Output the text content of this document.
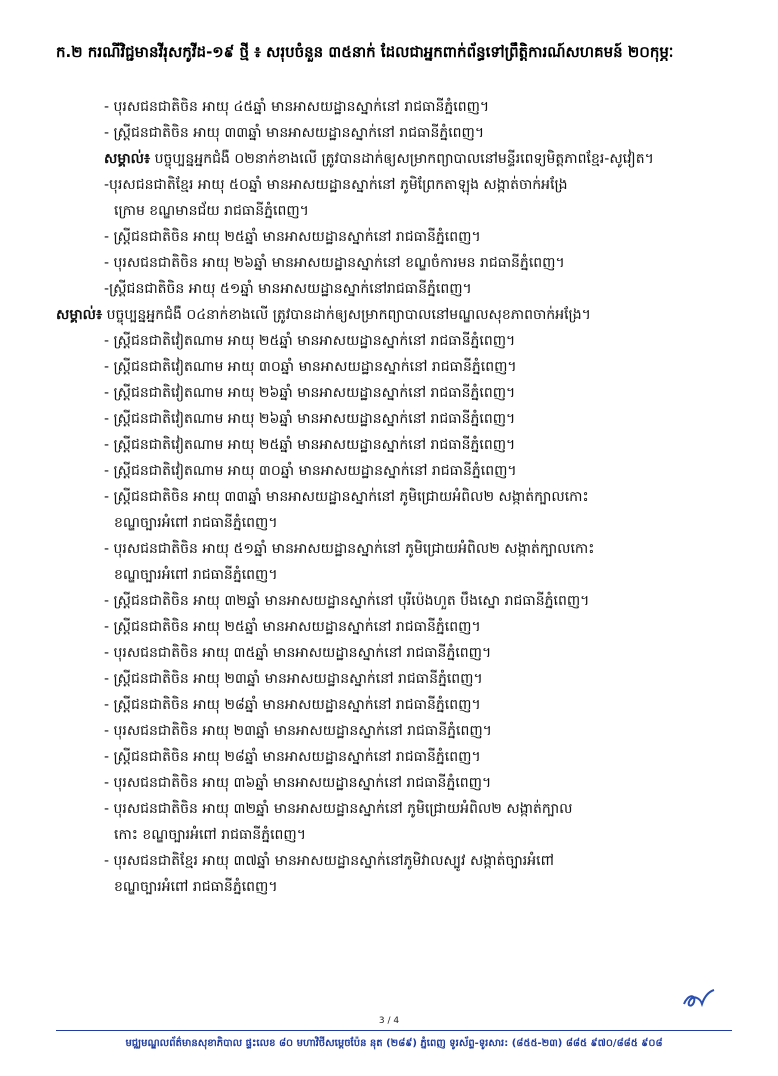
ក.២ ករណីវិជ្ជមានវីរុសកូវីដ-១៩ ថ្មី ៖ សរុបចំនួន ៣៥នាក់ ដែលជាអ្នកពាក់ព័ន្ធទៅព្រឹត្តិការណ៍សហគមន៍ ២០កុម្ភៈ
- បុរសជនជាតិចិន អាយុ ៤៥ឆ្នាំ មានអាសយដ្ឋានស្នាក់នៅ រាជធានីភ្នំពេញ។
- ស្ត្រីជនជាតិចិន អាយុ ៣៣ឆ្នាំ មានអាសយដ្ឋានស្នាក់នៅ រាជធានីភ្នំពេញ។
សម្គាល់៖ បច្ចុប្បន្នអ្នកជំងឺ ០២នាក់ខាងលើ ត្រូវបានដាក់ឲ្យសម្រាកព្យាបាលនៅមន្ទីរពេទ្យមិត្តភាពខ្មែរ-សូវៀត។
-បុរសជនជាតិខ្មែរ អាយុ ៥០ឆ្នាំ មានអាសយដ្ឋានស្នាក់នៅ ភូមិព្រែកតាឡុង សង្កាត់ចាក់អង្រែ
ក្រោម ខណ្ឌមានជ័យ រាជធានីភ្នំពេញ។
- ស្ត្រីជនជាតិចិន អាយុ ២៥ឆ្នាំ មានអាសយដ្ឋានស្នាក់នៅ រាជធានីភ្នំពេញ។
- បុរសជនជាតិចិន អាយុ ២៦ឆ្នាំ មានអាសយដ្ឋានស្នាក់នៅ ខណ្ឌចំការមន រាជធានីភ្នំពេញ។
-ស្ត្រីជនជាតិចិន អាយុ ៥១ឆ្នាំ មានអាសយដ្ឋានស្នាក់នៅរាជធានីភ្នំពេញ។
សម្គាល់៖ បច្ចុប្បន្នអ្នកជំងឺ ០៤នាក់ខាងលើ ត្រូវបានដាក់ឲ្យសម្រាកព្យាបាលនៅមណ្ឌលសុខភាពចាក់អង្រែ។
- ស្ត្រីជនជាតិវៀតណាម អាយុ ២៥ឆ្នាំ មានអាសយដ្ឋានស្នាក់នៅ រាជធានីភ្នំពេញ។
- ស្ត្រីជនជាតិវៀតណាម អាយុ ៣០ឆ្នាំ មានអាសយដ្ឋានស្នាក់នៅ រាជធានីភ្នំពេញ។
- ស្ត្រីជនជាតិវៀតណាម អាយុ ២៦ឆ្នាំ មានអាសយដ្ឋានស្នាក់នៅ រាជធានីភ្នំពេញ។
- ស្ត្រីជនជាតិវៀតណាម អាយុ ២៦ឆ្នាំ មានអាសយដ្ឋានស្នាក់នៅ រាជធានីភ្នំពេញ។
- ស្ត្រីជនជាតិវៀតណាម អាយុ ២៥ឆ្នាំ មានអាសយដ្ឋានស្នាក់នៅ រាជធានីភ្នំពេញ។
- ស្ត្រីជនជាតិវៀតណាម អាយុ ៣០ឆ្នាំ មានអាសយដ្ឋានស្នាក់នៅ រាជធានីភ្នំពេញ។
- ស្ត្រីជនជាតិចិន អាយុ ៣៣ឆ្នាំ មានអាសយដ្ឋានស្នាក់នៅ ភូមិជ្រោយអំពិល២ សង្កាត់ក្បាលកោះ
ខណ្ឌច្បារអំពៅ រាជធានីភ្នំពេញ។
- បុរសជនជាតិចិន អាយុ ៥១ឆ្នាំ មានអាសយដ្ឋានស្នាក់នៅ ភូមិជ្រោយអំពិល២ សង្កាត់ក្បាលកោះ
ខណ្ឌច្បារអំពៅ រាជធានីភ្នំពេញ។
- ស្ត្រីជនជាតិចិន អាយុ ៣២ឆ្នាំ មានអាសយដ្ឋានស្នាក់នៅ បុរីប៉េងហួត បឹងស្នោ រាជធានីភ្នំពេញ។
- ស្ត្រីជនជាតិចិន អាយុ ២៥ឆ្នាំ មានអាសយដ្ឋានស្នាក់នៅ រាជធានីភ្នំពេញ។
- បុរសជនជាតិចិន អាយុ ៣៥ឆ្នាំ មានអាសយដ្ឋានស្នាក់នៅ រាជធានីភ្នំពេញ។
- ស្ត្រីជនជាតិចិន អាយុ ២៣ឆ្នាំ មានអាសយដ្ឋានស្នាក់នៅ រាជធានីភ្នំពេញ។
- ស្ត្រីជនជាតិចិន អាយុ ២៨ឆ្នាំ មានអាសយដ្ឋានស្នាក់នៅ រាជធានីភ្នំពេញ។
- បុរសជនជាតិចិន អាយុ ២៣ឆ្នាំ មានអាសយដ្ឋានស្នាក់នៅ រាជធានីភ្នំពេញ។
- ស្ត្រីជនជាតិចិន អាយុ ២៨ឆ្នាំ មានអាសយដ្ឋានស្នាក់នៅ រាជធានីភ្នំពេញ។
- បុរសជនជាតិចិន អាយុ ៣៦ឆ្នាំ មានអាសយដ្ឋានស្នាក់នៅ រាជធានីភ្នំពេញ។
- បុរសជនជាតិចិន អាយុ ៣២ឆ្នាំ មានអាសយដ្ឋានស្នាក់នៅ ភូមិជ្រោយអំពិល២ សង្កាត់ក្បាល
កោះ ខណ្ឌច្បារអំពៅ រាជធានីភ្នំពេញ។
- បុរសជនជាតិខ្មែរ អាយុ ៣៧ឆ្នាំ មានអាសយដ្ឋានស្នាក់នៅភូមិវាលស្បូវ សង្កាត់ច្បារអំពៅ
ខណ្ឌច្បារអំពៅ រាជធានីភ្នំពេញ។
3 / 4
មជ្ឈមណ្ឌលព័ត៌មានសុខាភិបាល ផ្ទះលេខ ៨០ មហាវិថីសម្តេចប៉ែន នុត (២៨៩) ភ្នំពេញ ទូរស័ព្ទ-ទូរសារ: (៨៥៥-២៣) ៨៨៥ ៩៧០/៨៨៥ ៩០៨
